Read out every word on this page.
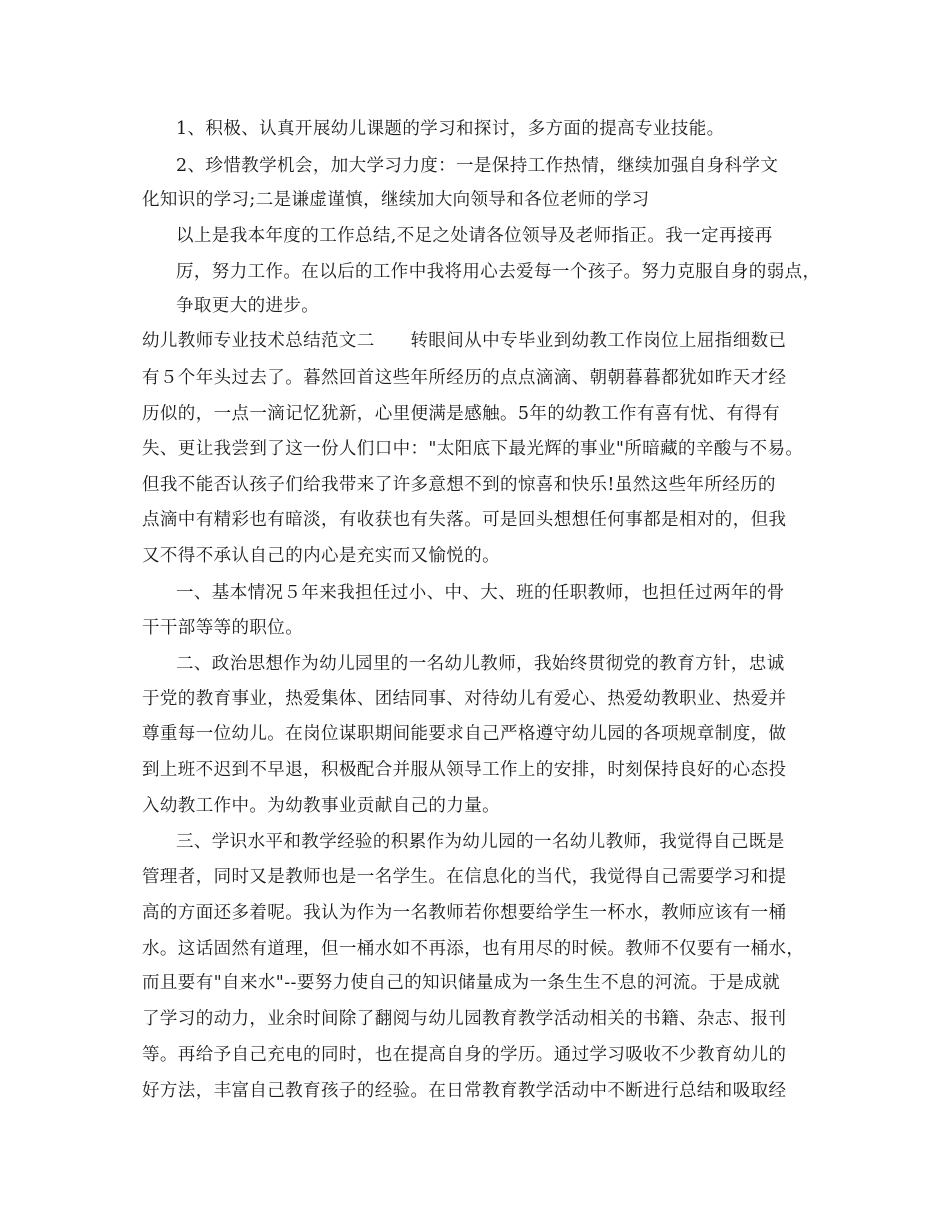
1、积极、认真开展幼儿课题的学习和探讨，多方面的提高专业技能。
2、珍惜教学机会，加大学习力度：一是保持工作热情，继续加强自身科学文
化知识的学习;二是谦虚谨慎，继续加大向领导和各位老师的学习
以上是我本年度的工作总结,不足之处请各位领导及老师指正。我一定再接再
厉，努力工作。在以后的工作中我将用心去爱每一个孩子。努力克服自身的弱点，
争取更大的进步。
幼儿教师专业技术总结范文二　　转眼间从中专毕业到幼教工作岗位上屈指细数已
有５个年头过去了。暮然回首这些年所经历的点点滴滴、朝朝暮暮都犹如昨天才经
历似的，一点一滴记忆犹新，心里便满是感触。5年的幼教工作有喜有忧、有得有
失、更让我尝到了这一份人们口中："太阳底下最光辉的事业"所暗藏的辛酸与不易。
但我不能否认孩子们给我带来了许多意想不到的惊喜和快乐!虽然这些年所经历的
点滴中有精彩也有暗淡，有收获也有失落。可是回头想想任何事都是相对的，但我
又不得不承认自己的内心是充实而又愉悦的。
一、基本情况５年来我担任过小、中、大、班的任职教师，也担任过两年的骨
干干部等等的职位。
二、政治思想作为幼儿园里的一名幼儿教师，我始终贯彻党的教育方针，忠诚
于党的教育事业，热爱集体、团结同事、对待幼儿有爱心、热爱幼教职业、热爱并
尊重每一位幼儿。在岗位谋职期间能要求自己严格遵守幼儿园的各项规章制度，做
到上班不迟到不早退，积极配合并服从领导工作上的安排，时刻保持良好的心态投
入幼教工作中。为幼教事业贡献自己的力量。
三、学识水平和教学经验的积累作为幼儿园的一名幼儿教师，我觉得自己既是
管理者，同时又是教师也是一名学生。在信息化的当代，我觉得自己需要学习和提
高的方面还多着呢。我认为作为一名教师若你想要给学生一杯水，教师应该有一桶
水。这话固然有道理，但一桶水如不再添，也有用尽的时候。教师不仅要有一桶水，
而且要有"自来水"--要努力使自己的知识储量成为一条生生不息的河流。于是成就
了学习的动力，业余时间除了翻阅与幼儿园教育教学活动相关的书籍、杂志、报刊
等。再给予自己充电的同时，也在提高自身的学历。通过学习吸收不少教育幼儿的
好方法，丰富自己教育孩子的经验。在日常教育教学活动中不断进行总结和吸取经
